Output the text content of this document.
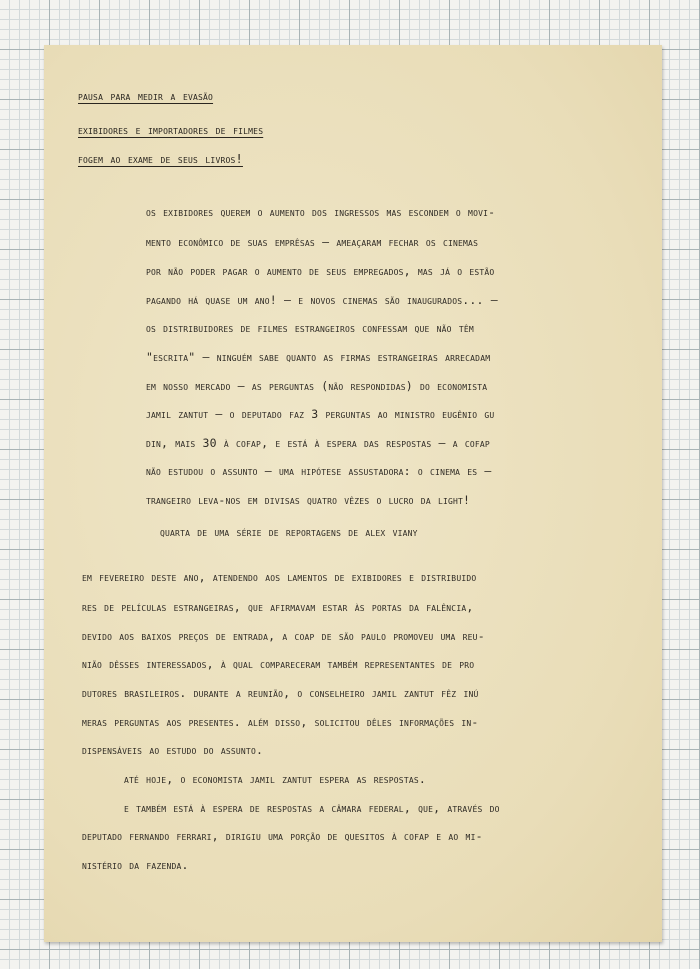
pausa para medir a evasão

exibidores e importadores de filmes

fogem ao exame de seus livros!

os exibidores querem o aumento dos ingressos mas escondem o movi-

mento econômico de suas emprêsas — ameaçaram fechar os cinemas

por não poder pagar o aumento de seus empregados, mas já o estão

pagando há quase um ano! — e novos cinemas são inaugurados... —

os distribuidores de filmes estrangeiros confessam que não têm

"escrita" — ninguém sabe quanto as firmas estrangeiras arrecadam

em nosso mercado — as perguntas (não respondidas) do economista

jamil zantut — o deputado faz 3 perguntas ao ministro eugênio gu

din, mais 30 à cofap, e está à espera das respostas — a cofap

não estudou o assunto — uma hipótese assustadora: o cinema es —

trangeiro leva-nos em divisas quatro vêzes o lucro da light!

quarta de uma série de reportagens de alex viany

em fevereiro deste ano, atendendo aos lamentos de exibidores e distribuido

res de películas estrangeiras, que afirmavam estar às portas da falência,

devido aos baixos preços de entrada, a coap de são paulo promoveu uma reu-

nião dêsses interessados, à qual compareceram também representantes de pro

dutores brasileiros. durante a reunião, o conselheiro jamil zantut fêz inú

meras perguntas aos presentes. além disso, solicitou dêles informações in-

dispensáveis ao estudo do assunto.

até hoje, o economista jamil zantut espera as respostas.

e também está à espera de respostas a câmara federal, que, através do

deputado fernando ferrari, dirigiu uma porção de quesitos à cofap e ao mi-

nistério da fazenda.
